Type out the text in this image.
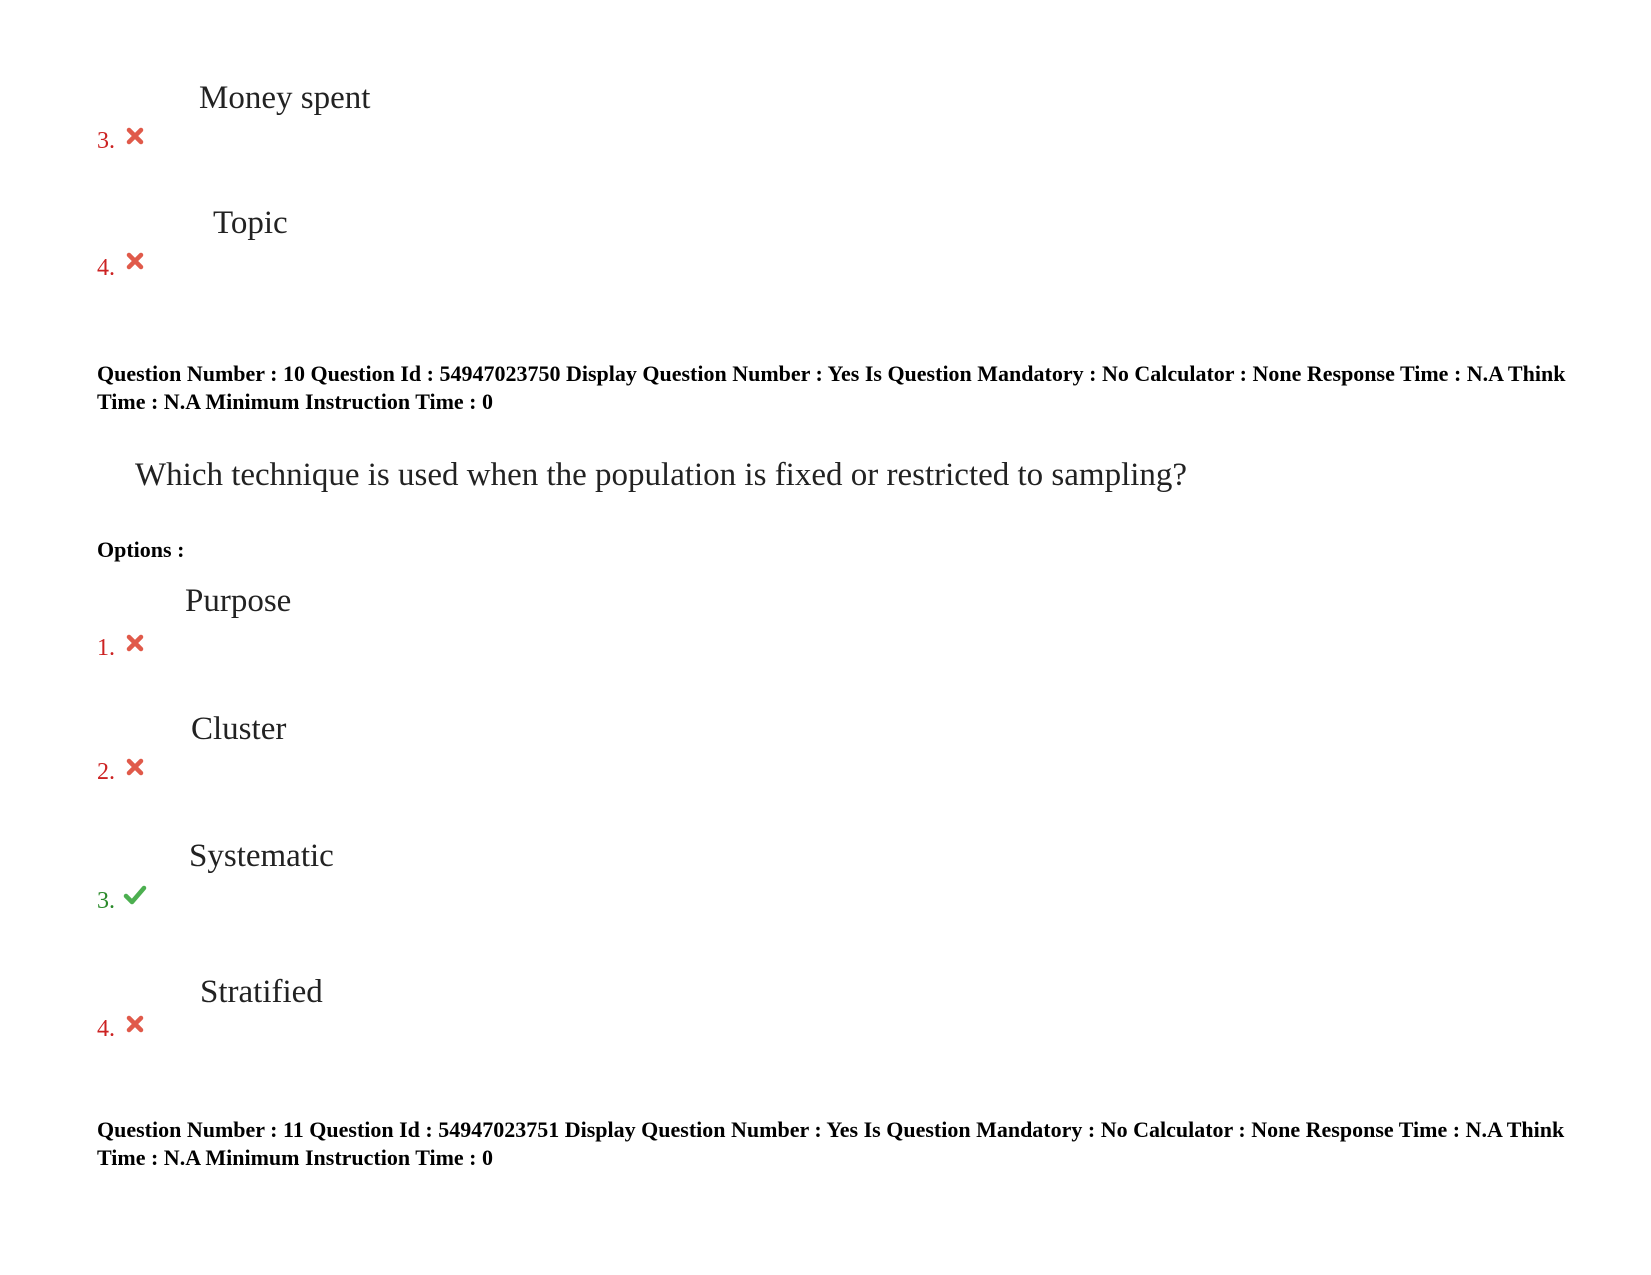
Money spent
3.
Topic
4.
Question Number : 10 Question Id : 54947023750 Display Question Number : Yes Is Question Mandatory : No Calculator : None Response Time : N.A Think Time : N.A Minimum Instruction Time : 0
Which technique is used when the population is fixed or restricted to sampling?
Options :
Purpose
1.
Cluster
2.
Systematic
3.
Stratified
4.
Question Number : 11 Question Id : 54947023751 Display Question Number : Yes Is Question Mandatory : No Calculator : None Response Time : N.A Think Time : N.A Minimum Instruction Time : 0
